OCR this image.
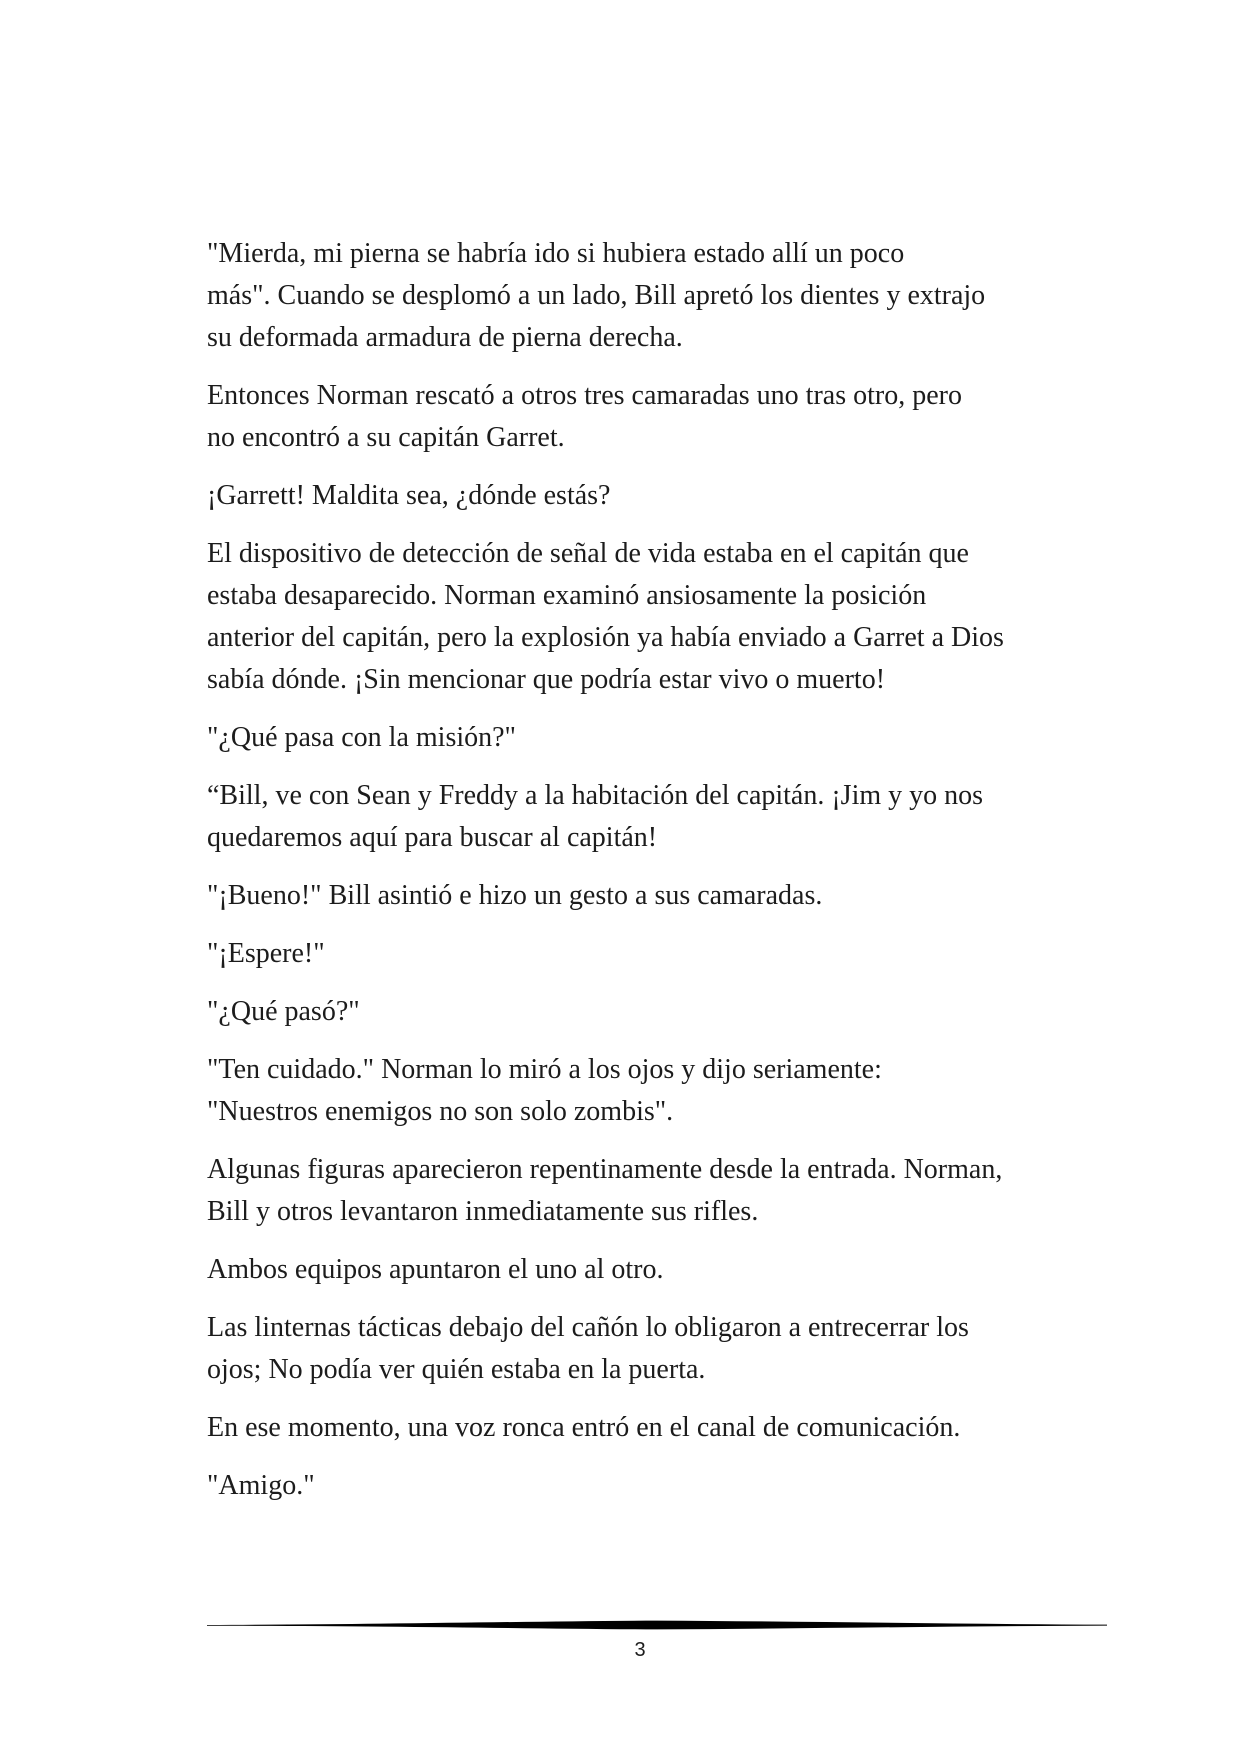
"Mierda, mi pierna se habría ido si hubiera estado allí un poco
más". Cuando se desplomó a un lado, Bill apretó los dientes y extrajo
su deformada armadura de pierna derecha.

Entonces Norman rescató a otros tres camaradas uno tras otro, pero
no encontró a su capitán Garret.

¡Garrett! Maldita sea, ¿dónde estás?

El dispositivo de detección de señal de vida estaba en el capitán que
estaba desaparecido. Norman examinó ansiosamente la posición
anterior del capitán, pero la explosión ya había enviado a Garret a Dios
sabía dónde. ¡Sin mencionar que podría estar vivo o muerto!

"¿Qué pasa con la misión?"

“Bill, ve con Sean y Freddy a la habitación del capitán. ¡Jim y yo nos
quedaremos aquí para buscar al capitán!

"¡Bueno!" Bill asintió e hizo un gesto a sus camaradas.

"¡Espere!"

"¿Qué pasó?"

"Ten cuidado." Norman lo miró a los ojos y dijo seriamente:
"Nuestros enemigos no son solo zombis".

Algunas figuras aparecieron repentinamente desde la entrada. Norman,
Bill y otros levantaron inmediatamente sus rifles.

Ambos equipos apuntaron el uno al otro.

Las linternas tácticas debajo del cañón lo obligaron a entrecerrar los
ojos; No podía ver quién estaba en la puerta.

En ese momento, una voz ronca entró en el canal de comunicación.

"Amigo."

3
